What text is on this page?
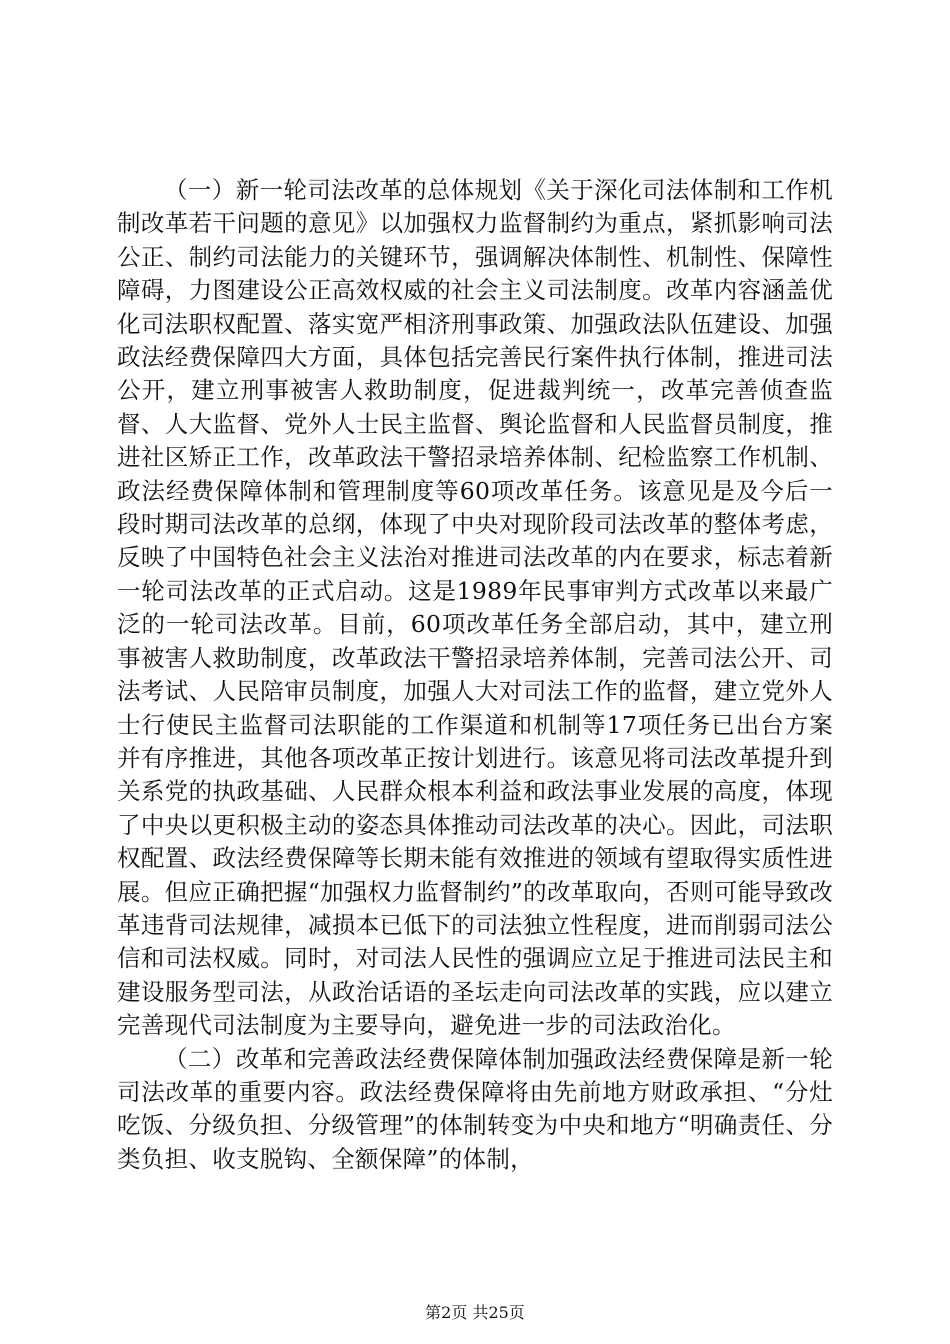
（一）新一轮司法改革的总体规划《关于深化司法体制和工作机制改革若干问题的意见》以加强权力监督制约为重点，紧抓影响司法公正、制约司法能力的关键环节，强调解决体制性、机制性、保障性障碍，力图建设公正高效权威的社会主义司法制度。改革内容涵盖优化司法职权配置、落实宽严相济刑事政策、加强政法队伍建设、加强政法经费保障四大方面，具体包括完善民行案件执行体制，推进司法公开，建立刑事被害人救助制度，促进裁判统一，改革完善侦查监督、人大监督、党外人士民主监督、舆论监督和人民监督员制度，推进社区矫正工作，改革政法干警招录培养体制、纪检监察工作机制、政法经费保障体制和管理制度等60项改革任务。该意见是及今后一段时期司法改革的总纲，体现了中央对现阶段司法改革的整体考虑，反映了中国特色社会主义法治对推进司法改革的内在要求，标志着新一轮司法改革的正式启动。这是1989年民事审判方式改革以来最广泛的一轮司法改革。目前，60项改革任务全部启动，其中，建立刑事被害人救助制度，改革政法干警招录培养体制，完善司法公开、司法考试、人民陪审员制度，加强人大对司法工作的监督，建立党外人士行使民主监督司法职能的工作渠道和机制等17项任务已出台方案并有序推进，其他各项改革正按计划进行。该意见将司法改革提升到关系党的执政基础、人民群众根本利益和政法事业发展的高度，体现了中央以更积极主动的姿态具体推动司法改革的决心。因此，司法职权配置、政法经费保障等长期未能有效推进的领域有望取得实质性进展。但应正确把握“加强权力监督制约”的改革取向，否则可能导致改革违背司法规律，减损本已低下的司法独立性程度，进而削弱司法公信和司法权威。同时，对司法人民性的强调应立足于推进司法民主和建设服务型司法，从政治话语的圣坛走向司法改革的实践，应以建立完善现代司法制度为主要导向，避免进一步的司法政治化。

（二）改革和完善政法经费保障体制加强政法经费保障是新一轮司法改革的重要内容。政法经费保障将由先前地方财政承担、“分灶吃饭、分级负担、分级管理”的体制转变为中央和地方“明确责任、分类负担、收支脱钩、全额保障”的体制，

第2页 共25页
